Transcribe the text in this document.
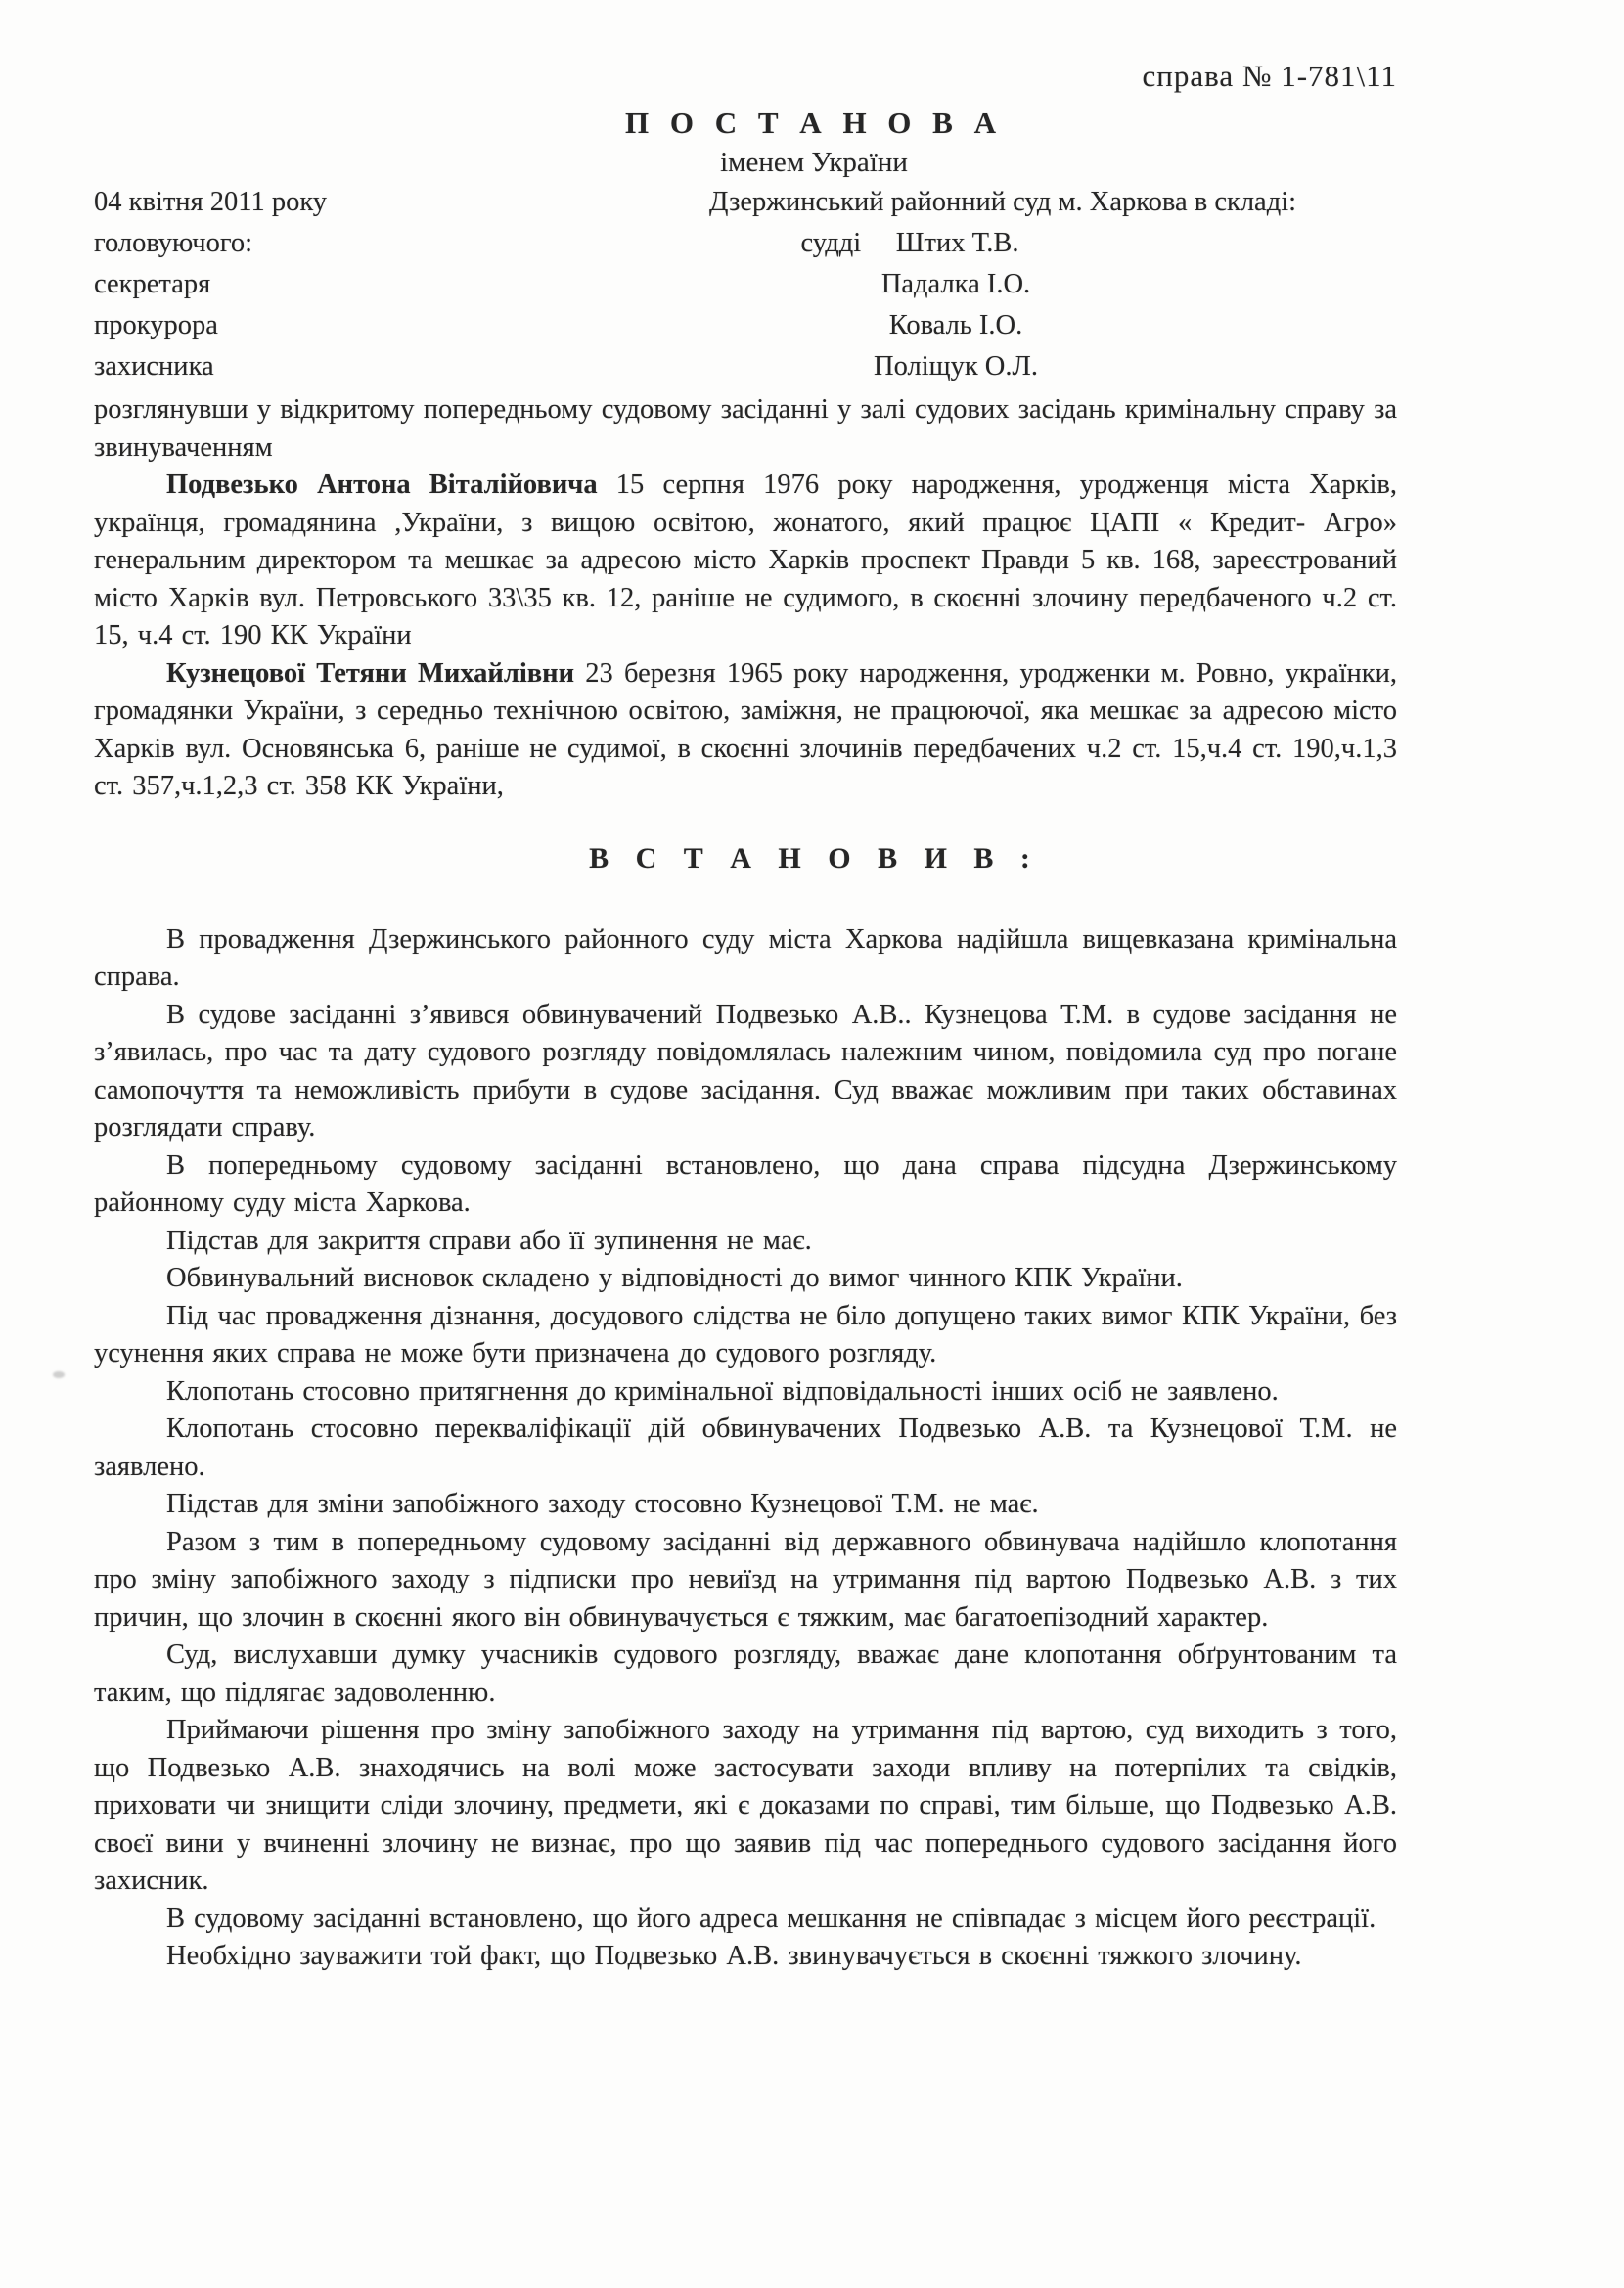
справа № 1-781\11
П О С Т А Н О В А
іменем України
04 квітня 2011 року	Дзержинський районний суд м. Харкова в складі:
головуючого:	судді     Штих Т.В.
секретаря	Падалка І.О.
прокурора	Коваль І.О.
захисника	Поліщук О.Л.

розглянувши у відкритому попередньому судовому засіданні у залі судових засідань кримінальну справу за звинуваченням

Подвезько Антона Віталійовича 15 серпня 1976 року народження, уродженця міста Харків, українця, громадянина ,України, з вищою освітою, жонатого, який працює ЦАПІ « Кредит- Агро» генеральним директором та мешкає за адресою місто Харків проспект Правди 5 кв. 168, зареєстрований місто Харків вул. Петровського 33\35 кв. 12, раніше не судимого, в скоєнні злочину передбаченого ч.2 ст. 15, ч.4 ст. 190 КК України

Кузнецової Тетяни Михайлівни 23 березня 1965 року народження, уродженки м. Ровно, українки, громадянки України, з середньо технічною освітою, заміжня, не працюючої, яка мешкає за адресою місто Харків вул. Основянська 6, раніше не судимої, в скоєнні злочинів передбачених ч.2 ст. 15,ч.4 ст. 190,ч.1,3 ст. 357,ч.1,2,3 ст. 358 КК України,

В С Т А Н О В И В :

В провадження Дзержинського районного суду міста Харкова надійшла вищевказана кримінальна справа.

В судове засіданні з’явився обвинувачений Подвезько А.В.. Кузнецова Т.М. в судове засідання не з’явилась, про час та дату судового розгляду повідомлялась належним чином, повідомила суд про погане самопочуття та неможливість прибути в судове засідання. Суд вважає можливим при таких обставинах розглядати справу.

В попередньому судовому засіданні встановлено, що дана справа підсудна Дзержинському районному суду міста Харкова.

Підстав для закриття справи або її зупинення не має.

Обвинувальний висновок складено у відповідності до вимог чинного КПК України.

Під час провадження дізнання, досудового слідства не біло допущено таких вимог КПК України, без усунення яких справа не може бути призначена до судового розгляду.

Клопотань стосовно притягнення до кримінальної відповідальності інших осіб не заявлено.

Клопотань стосовно перекваліфікації дій обвинувачених Подвезько А.В. та Кузнецової Т.М. не заявлено.

Підстав для зміни запобіжного заходу стосовно Кузнецової Т.М. не має.

Разом з тим в попередньому судовому засіданні від державного обвинувача надійшло клопотання про зміну запобіжного заходу з підписки про невиїзд на утримання під вартою Подвезько А.В. з тих причин, що злочин в скоєнні якого він обвинувачується є тяжким, має багатоепізодний характер.

Суд, вислухавши думку учасників судового розгляду, вважає дане клопотання обґрунтованим та таким, що підлягає задоволенню.

Приймаючи рішення про зміну запобіжного заходу на утримання під вартою, суд виходить з того, що Подвезько А.В. знаходячись на волі може застосувати заходи впливу на потерпілих та свідків, приховати чи знищити сліди злочину, предмети, які є доказами по справі, тим більше, що Подвезько А.В. своєї вини у вчиненні злочину не визнає, про що заявив під час попереднього судового засідання його захисник.

В судовому засіданні встановлено, що його адреса мешкання не співпадає з місцем його реєстрації.

Необхідно зауважити той факт, що Подвезько А.В. звинувачується в скоєнні тяжкого злочину.
